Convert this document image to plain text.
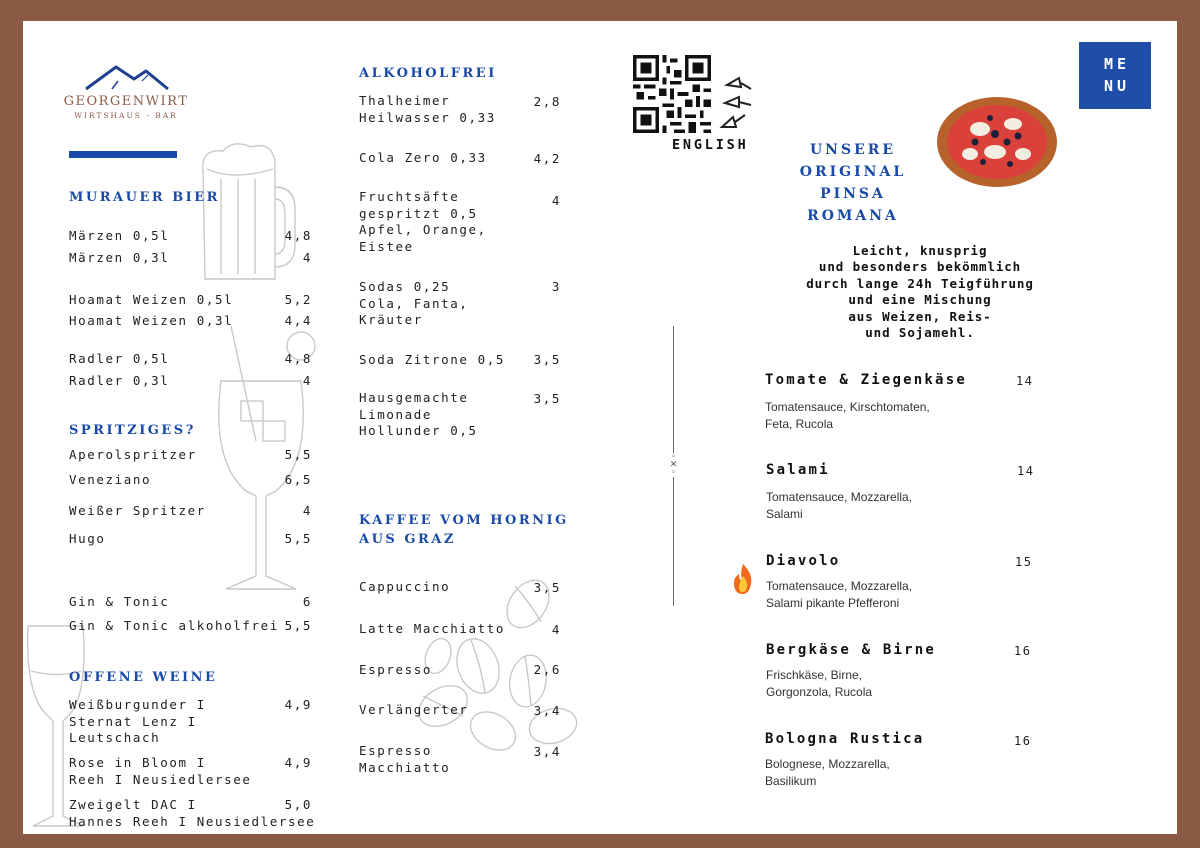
GEORGENWIRT
WIRTSHAUS - BAR
MURAUER BIER
Märzen 0,5l	4,8
Märzen 0,3l	4
Hoamat Weizen 0,5l	5,2
Hoamat Weizen 0,3l	4,4
Radler 0,5l	4,8
Radler 0,3l	4
SPRITZIGES?
Aperolspritzer	5,5
Veneziano	6,5
Weißer Spritzer	4
Hugo	5,5
Gin & Tonic	6
Gin & Tonic alkoholfrei 5,5
OFFENE WEINE
Weißburgunder I
Sternat Lenz I
Leutschach
4,9
Rose in Bloom I
Reeh I Neusiedlersee
4,9
Zweigelt DAC I
Hannes Reeh I Neusiedlersee
5,0
ALKOHOLFREI
Thalheimer
Heilwasser 0,33
2,8
Cola Zero 0,33	4,2
Fruchtsäfte
gespritzt 0,5
Apfel, Orange,
Eistee
4
Sodas 0,25
Cola, Fanta,
Kräuter
3
Soda Zitrone 0,5	3,5
Hausgemachte
Limonade
Hollunder 0,5
3,5
KAFFEE VOM HORNIG
AUS GRAZ
Cappuccino	3,5
Latte Macchiatto	4
Espresso	2,6
Verlängerter	3,4
Espresso
Macchiatto
3,4
ENGLISH
ME
NU
◦
✕
◦
UNSERE
ORIGINAL
PINSA
ROMANA
Leicht, knusprig
und besonders bekömmlich
durch lange 24h Teigführung
und eine Mischung
aus Weizen, Reis-
und Sojamehl.
Tomate & Ziegenkäse	14
Tomatensauce, Kirschtomaten,
Feta, Rucola
Salami	14
Tomatensauce, Mozzarella,
Salami
Diavolo	15
Tomatensauce, Mozzarella,
Salami pikante Pfefferoni
Bergkäse & Birne	16
Frischkäse, Birne,
Gorgonzola, Rucola
Bologna Rustica	16
Bolognese, Mozzarella,
Basilikum
